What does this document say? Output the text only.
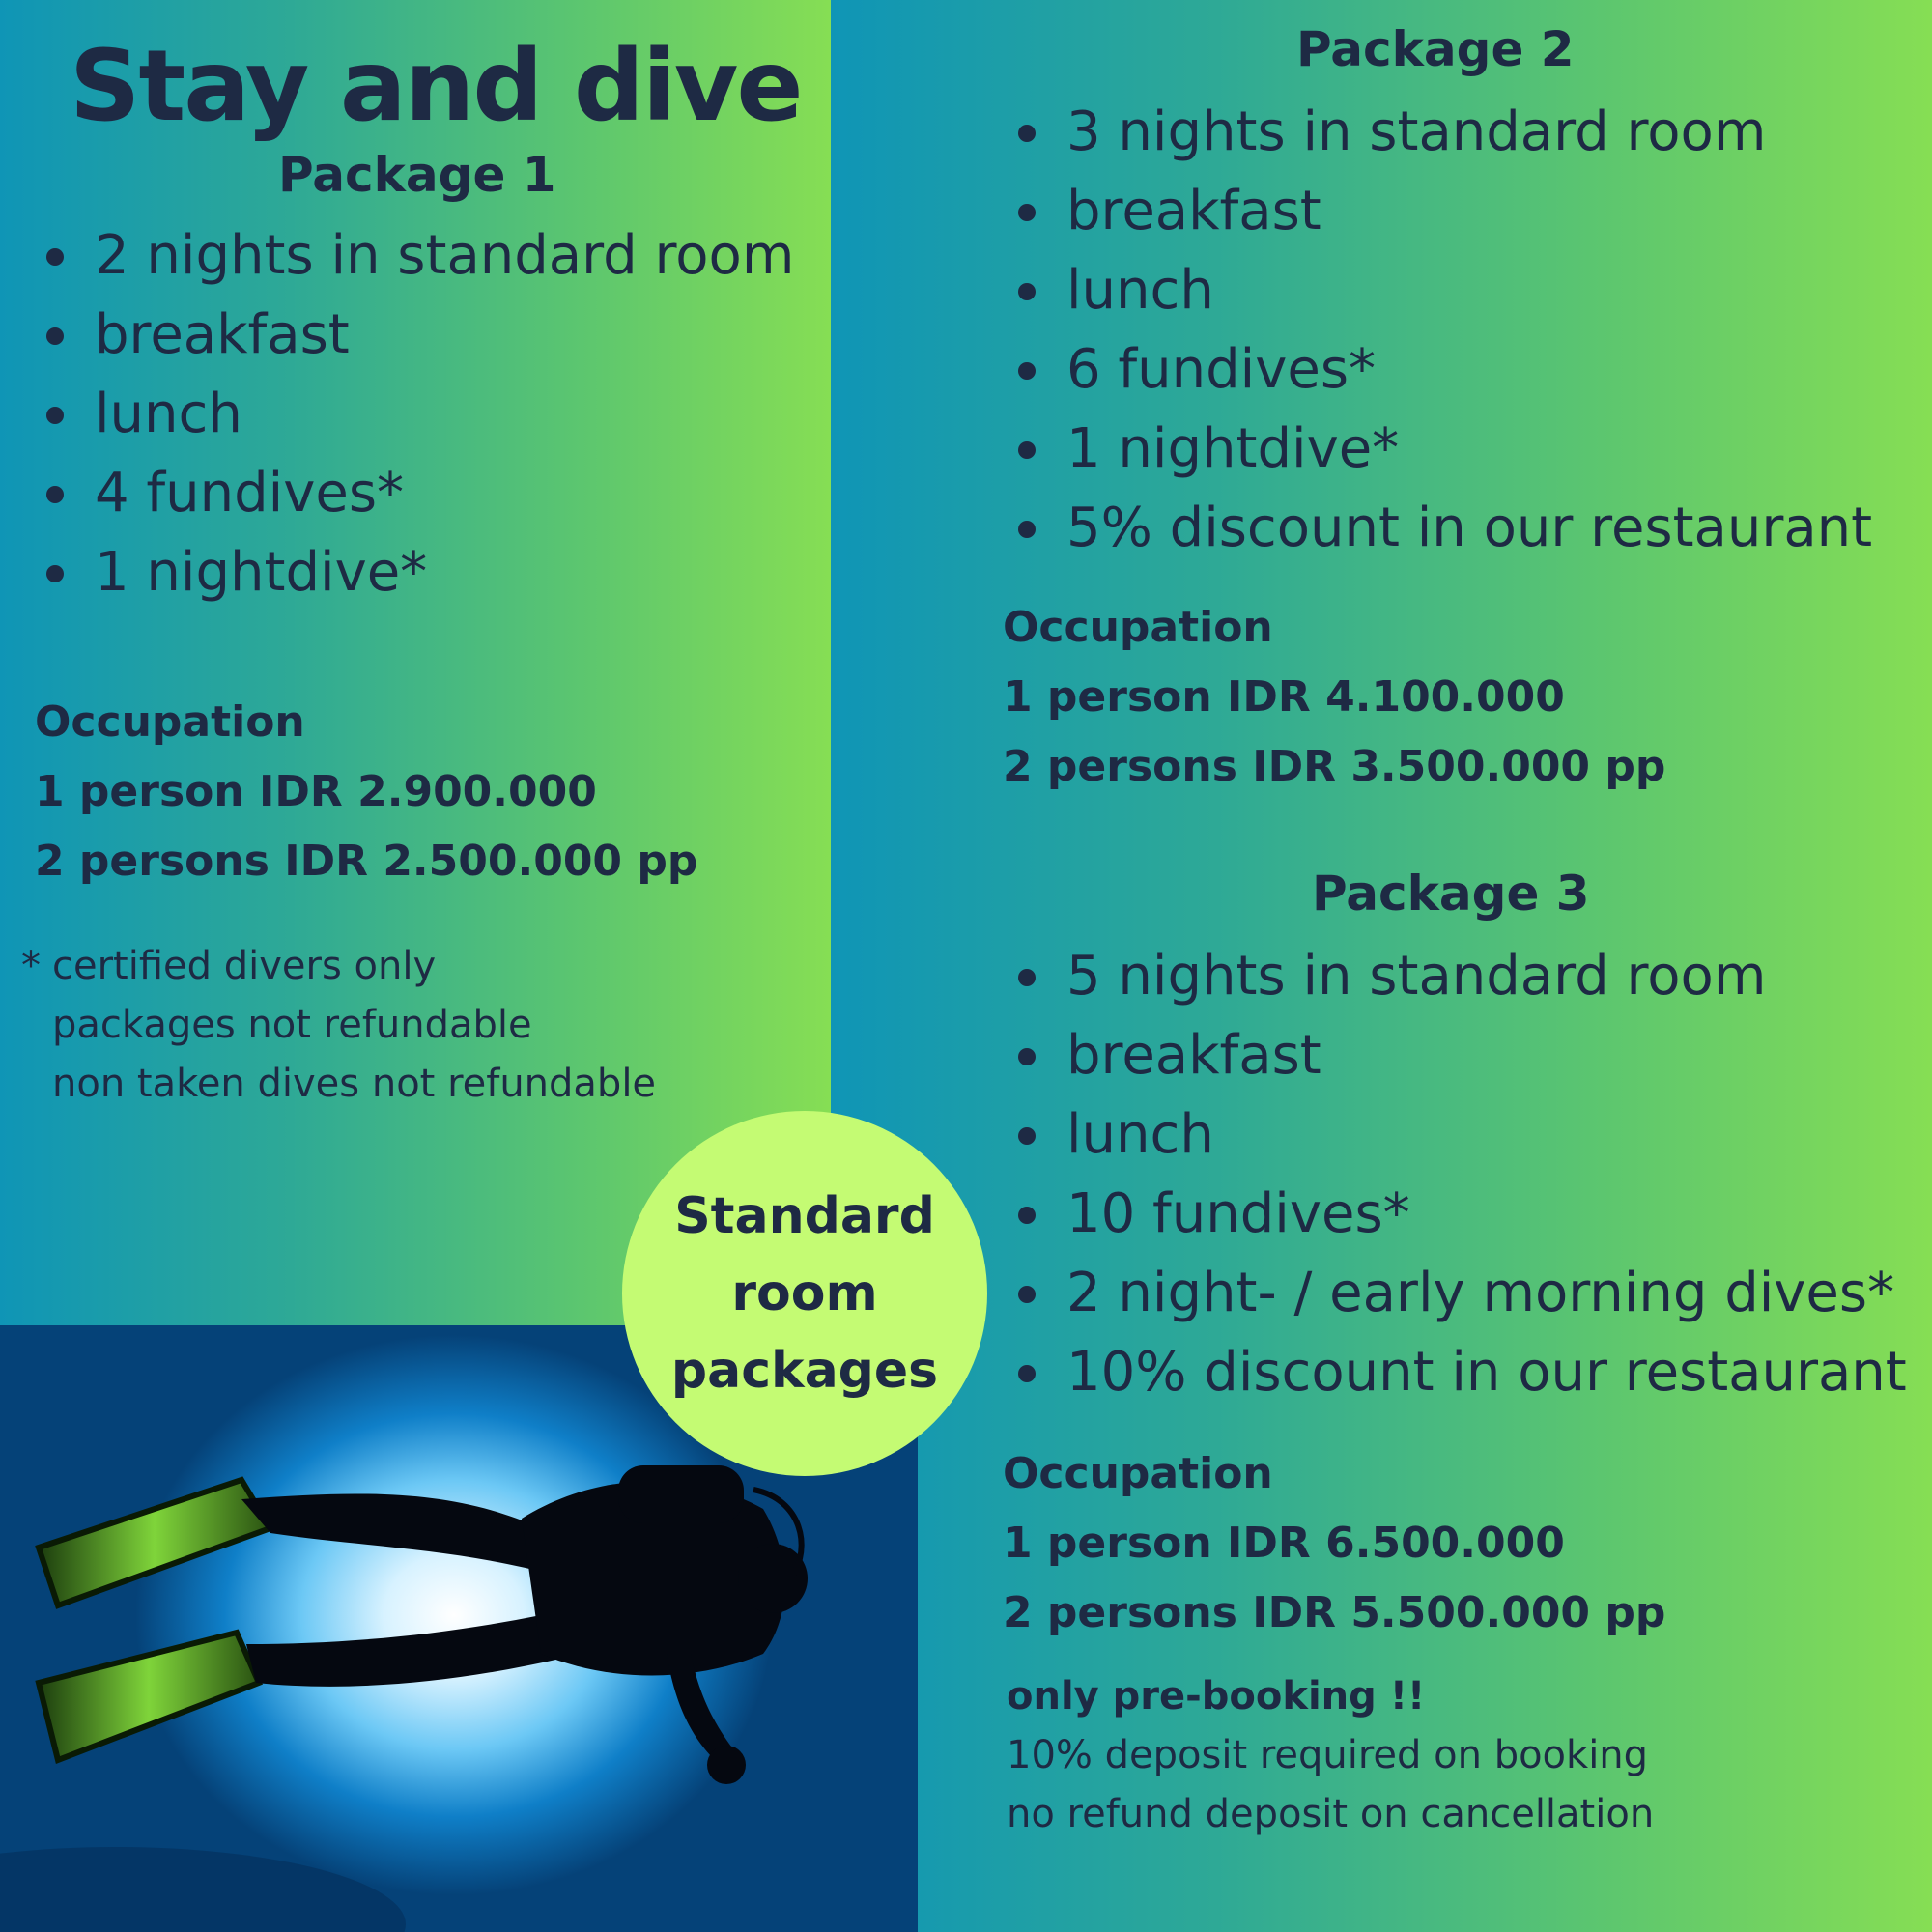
Stay and dive
Package 1
2 nights in standard room
breakfast
lunch
4 fundives*
1 nightdive*
Occupation
1 person IDR 2.900.000
2 persons IDR 2.500.000 pp
* certified divers only
packages not refundable
non taken dives not refundable
Package 2
3 nights in standard room
breakfast
lunch
6 fundives*
1 nightdive*
5% discount in our restaurant
Occupation
1 person IDR 4.100.000
2 persons IDR 3.500.000 pp
Package 3
5 nights in standard room
breakfast
lunch
10 fundives*
2 night- / early morning dives*
10% discount in our restaurant
Occupation
1 person IDR 6.500.000
2 persons IDR 5.500.000 pp
only pre-booking !!
10% deposit required on booking
no refund deposit on cancellation
Standard
room
packages
